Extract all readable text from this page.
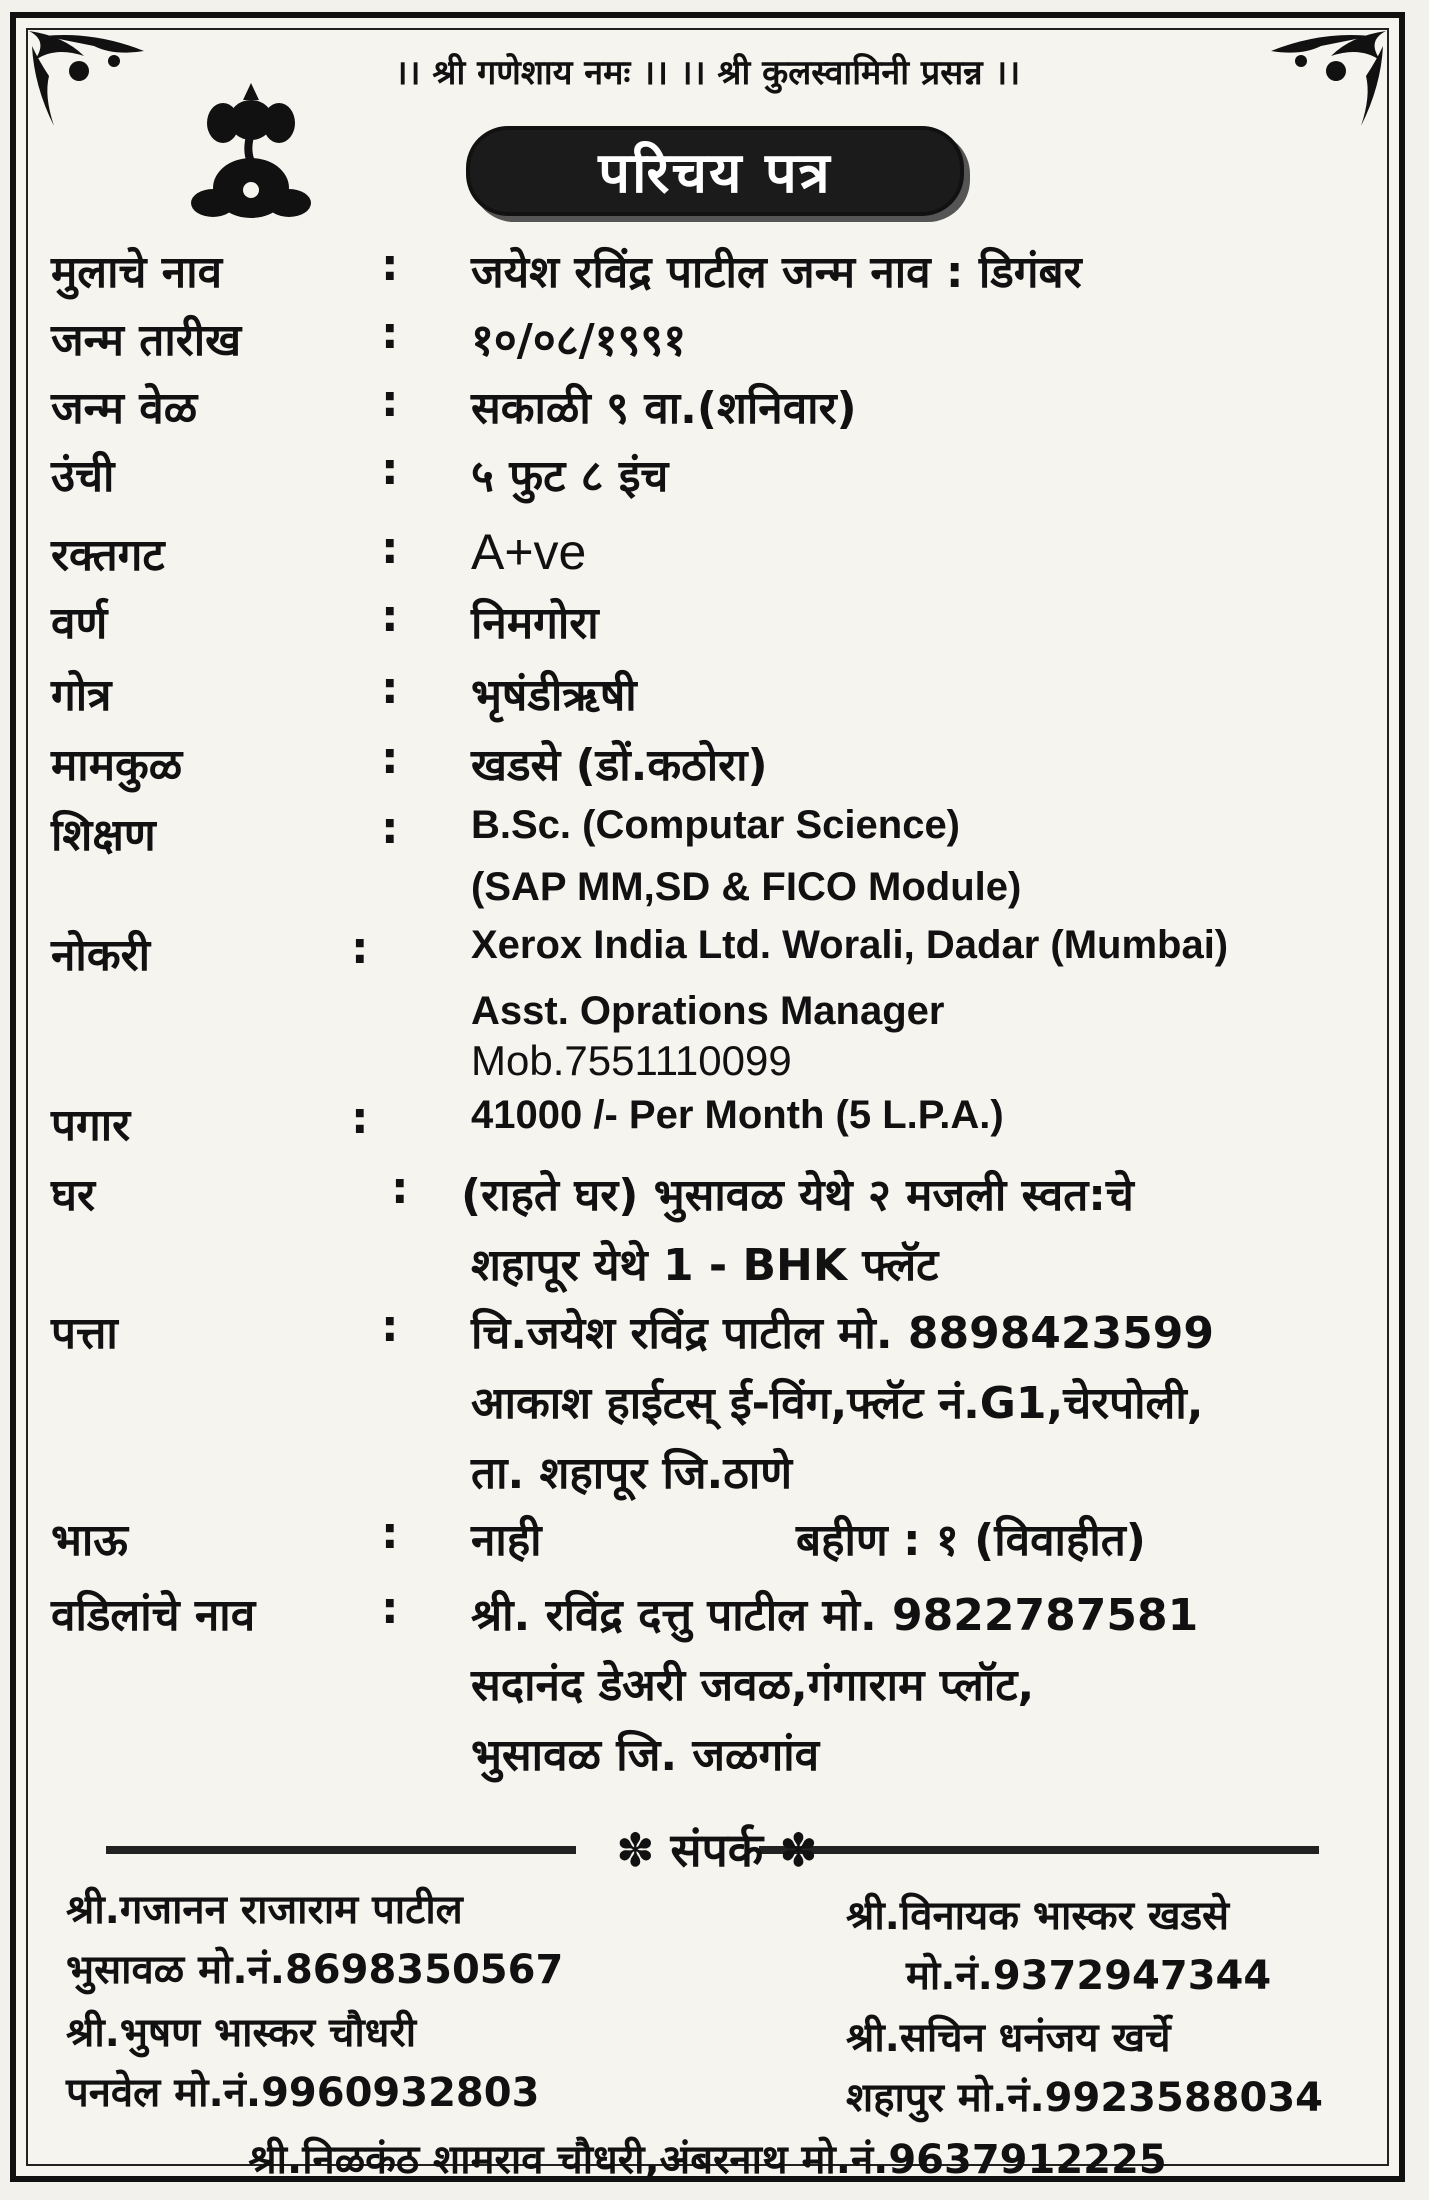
।। श्री गणेशाय नमः ।। ।। श्री कुलस्वामिनी प्रसन्न ।।
परिचय पत्र
मुलाचे नाव	: जयेश रविंद्र पाटील जन्म नाव : डिगंबर
जन्म तारीख	: १०/०८/१९९१
जन्म वेळ	: सकाळी ९ वा.(शनिवार)
उंची	: ५ फुट ८ इंच
रक्तगट	: A+ve
वर्ण	: निमगोरा
गोत्र	: भृषंडीऋषी
मामकुळ	: खडसे (डों.कठोरा)
शिक्षण	: B.Sc. (Computar Science)
(SAP MM,SD & FICO Module)
नोकरी	:	Xerox India Ltd. Worali, Dadar (Mumbai)
Asst. Oprations Manager
Mob.7551110099
पगार	:	41000 /- Per Month (5 L.P.A.)
घर	: (राहते घर) भुसावळ येथे २ मजली स्वत:चे
शहापूर येथे 1 - BHK फ्लॅट
पत्ता	: चि.जयेश रविंद्र पाटील मो. 8898423599
आकाश हाईटस् ई-विंग,फ्लॅट नं.G1,चेरपोली,
ता. शहापूर जि.ठाणे
भाऊ	: नाही	बहीण : १ (विवाहीत)
वडिलांचे नाव	: श्री. रविंद्र दत्तु पाटील मो. 9822787581
सदानंद डेअरी जवळ,गंगाराम प्लॉट,
भुसावळ जि. जळगांव
✽ संपर्क ✽
श्री.गजानन राजाराम पाटील
भुसावळ मो.नं.8698350567
श्री.भुषण भास्कर चौधरी
पनवेल मो.नं.9960932803
श्री.विनायक भास्कर खडसे
मो.नं.9372947344
श्री.सचिन धनंजय खर्चे
शहापुर मो.नं.9923588034
श्री.निळकंठ शामराव चौधरी,अंबरनाथ मो.नं.9637912225
